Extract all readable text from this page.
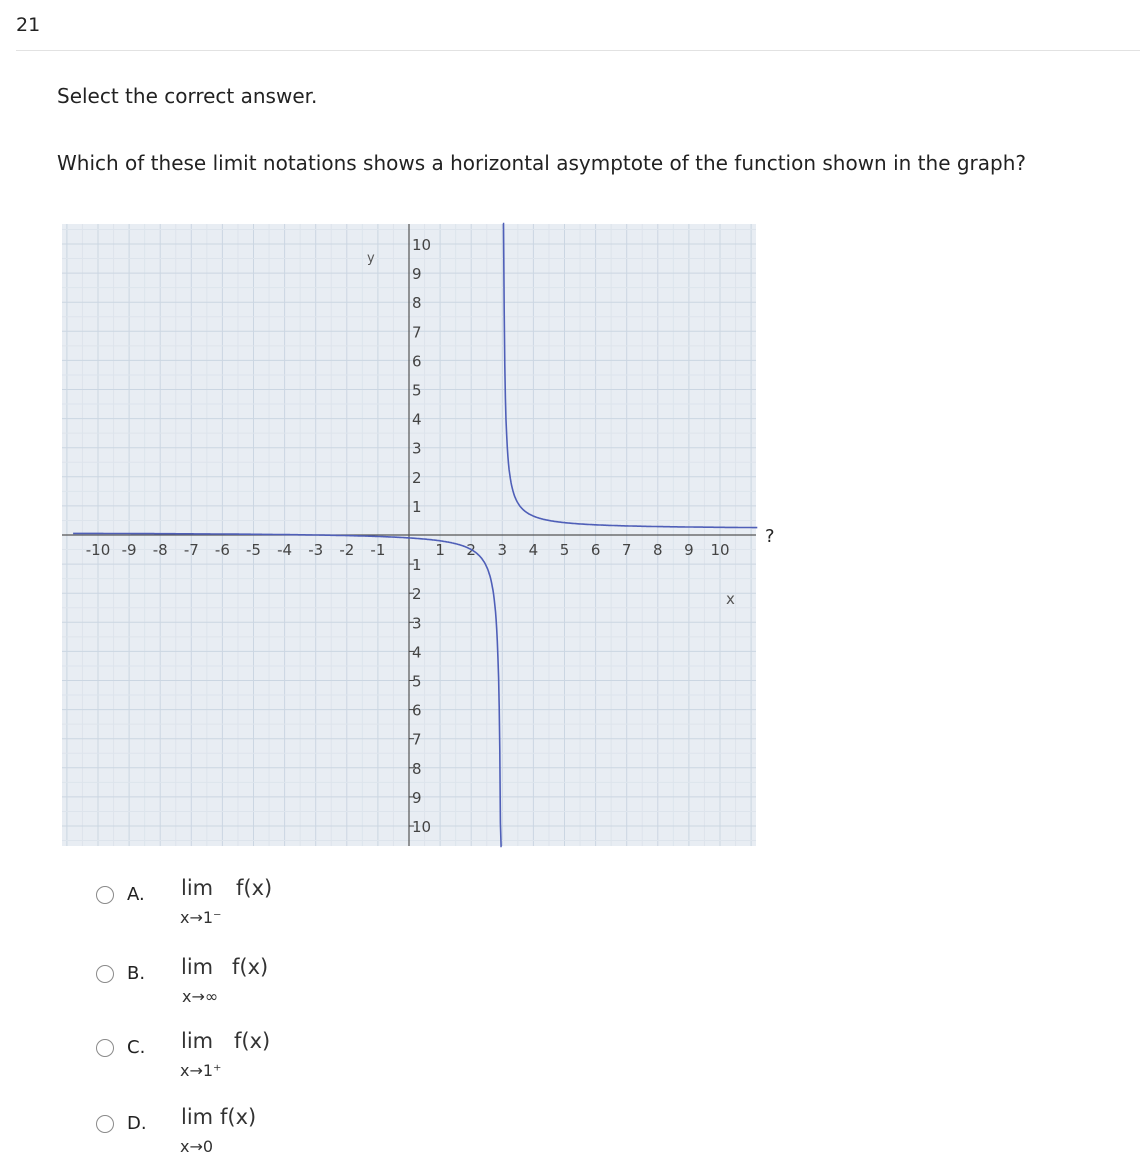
21
Select the correct answer.
Which of these limit notations shows a horizontal asymptote of the function shown in the graph?
-10 -9 -8 -7 -6 -5 -4 -3 -2 -1	1 2 3 4 5 6 7 8 9 10
10
9
8
7
6
5
4
3
2
1
1
2
3
4
5
6
7
8
9
10
y
x
?
A. lim f(x)
x→1⁻
B. lim f(x)
x→∞
C. lim f(x)
x→1⁺
D. lim f(x)
x→0
